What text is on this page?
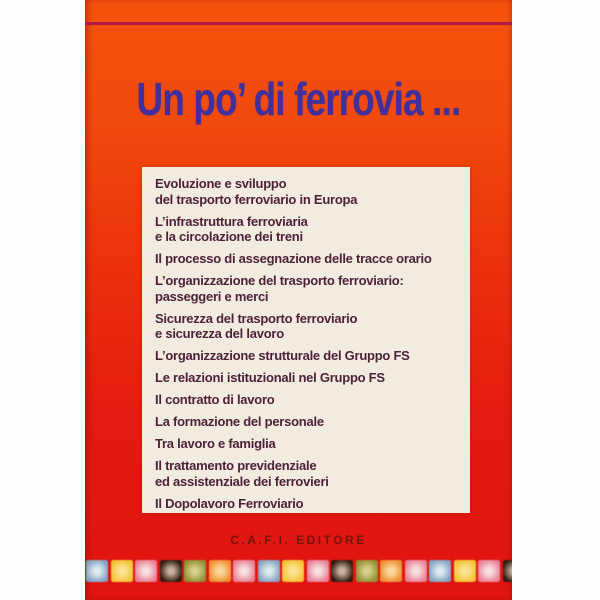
Un po’ di ferrovia ...
Evoluzione e sviluppo
del trasporto ferroviario in Europa
L’infrastruttura ferroviaria
e la circolazione dei treni
Il processo di assegnazione delle tracce orario
L’organizzazione del trasporto ferroviario:
passeggeri e merci
Sicurezza del trasporto ferroviario
e sicurezza del lavoro
L’organizzazione strutturale del Gruppo FS
Le relazioni istituzionali nel Gruppo FS
Il contratto di lavoro
La formazione del personale
Tra lavoro e famiglia
Il trattamento previdenziale
ed assistenziale dei ferrovieri
Il Dopolavoro Ferroviario
C.A.F.I. EDITORE
